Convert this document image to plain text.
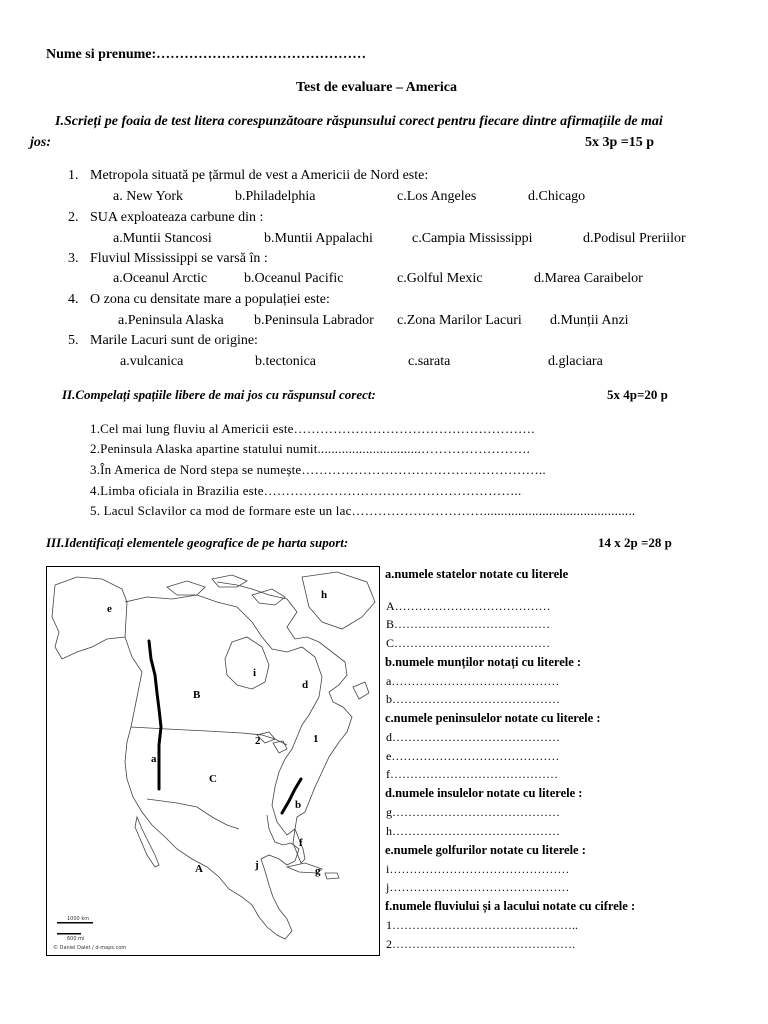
Nume si prenume:………………………………………
Test de evaluare – America
I.Scrieți pe foaia de test litera corespunzătoare răspunsului corect pentru fiecare dintre afirmațiile de mai
jos:	5x 3p =15 p
1. Metropola situată pe țărmul de vest a Americii de Nord este:
a. New York	b.Philadelphia	c.Los Angeles	d.Chicago
2. SUA exploateaza carbune din :
a.Muntii Stancosi	b.Muntii Appalachi	c.Campia Mississippi	d.Podisul Preriilor
3. Fluviul Mississippi se varsă în :
a.Oceanul Arctic	b.Oceanul Pacific	c.Golful Mexic	d.Marea Caraibelor
4. O zona cu densitate mare a populației este:
a.Peninsula Alaska b.Peninsula Labrador c.Zona Marilor Lacuri d.Munții Anzi
5. Marile Lacuri sunt de origine:
a.vulcanica	b.tectonica	c.sarata	d.glaciara
II.Compelați spațiile libere de mai jos cu răspunsul corect:	5x 4p=20 p
1.Cel mai lung fluviu al Americii este……………………………………………….
2.Peninsula Alaska apartine statului numit..............................…………………….
3.În America de Nord stepa se numește………………………………………………..
4.Limba oficiala in Brazilia este…………………………………………………..
5. Lacul Sclavilor ca mod de formare este un lac…………………………............................................
III.Identificați elementele geografice de pe harta suport:	14 x 2p =28 p
h
e
i
d
B
1
2
a
C
b
f
j
A	g
1000 km
600 mi
© Daniel Dalet / d-maps.com
a.numele statelor notate cu literele
A…………………………………
B…………………………………
C…………………………………
b.numele munților notați cu literele :
a……………………………………
b……………………………………
c.numele peninsulelor notate cu literele :
d……………………………………
e……………………………………
f……………………………………
d.numele insulelor notate cu literele :
g……………………………………
h……………………………………
e.numele golfurilor notate cu literele :
i………………………………………
j………………………………………
f.numele fluviului și a lacului notate cu cifrele :
1………………………………………..
2……………………………………….
